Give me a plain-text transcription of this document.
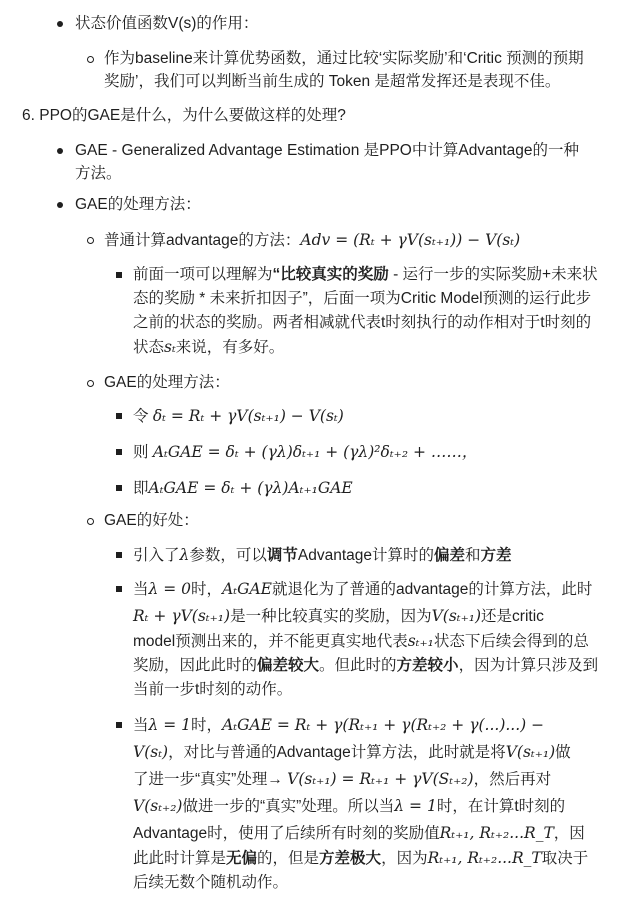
状态价值函数V(s)的作用：
作为baseline来计算优势函数，通过比较‘实际奖励’和‘Critic 预测的预期
奖励’，我们可以判断当前生成的 Token 是超常发挥还是表现不佳。
6. PPO的GAE是什么，为什么要做这样的处理?
GAE - Generalized Advantage Estimation 是PPO中计算Advantage的一种
方法。
GAE的处理方法：
普通计算advantage的方法：Adv = (Rₜ + γV(sₜ₊₁)) − V(sₜ)
前面一项可以理解为“比较真实的奖励 - 运行一步的实际奖励+未来状
态的奖励 * 未来折扣因子”，后面一项为Critic Model预测的运行此步
之前的状态的奖励。两者相减就代表t时刻执行的动作相对于t时刻的
状态sₜ来说，有多好。
GAE的处理方法：
令 δₜ = Rₜ + γV(sₜ₊₁) − V(sₜ)
则 AₜGAE = δₜ + (γλ)δₜ₊₁ + (γλ)²δₜ₊₂ + ……，
即AₜGAE = δₜ + (γλ)Aₜ₊₁GAE
GAE的好处：
引入了λ参数，可以调节Advantage计算时的偏差和方差
当λ = 0时，AₜGAE就退化为了普通的advantage的计算方法，此时
Rₜ + γV(sₜ₊₁)是一种比较真实的奖励，因为V(sₜ₊₁)还是critic
model预测出来的，并不能更真实地代表sₜ₊₁状态下后续会得到的总
奖励，因此此时的偏差较大。但此时的方差较小，因为计算只涉及到
当前一步t时刻的动作。
当λ = 1时，AₜGAE = Rₜ + γ(Rₜ₊₁ + γ(Rₜ₊₂ + γ(...)...) −
V(sₜ)，对比与普通的Advantage计算方法，此时就是将V(sₜ₊₁)做
了进一步“真实”处理→ V(sₜ₊₁) = Rₜ₊₁ + γV(Sₜ₊₂)，然后再对
V(sₜ₊₂)做进一步的“真实”处理。所以当λ = 1时，在计算t时刻的
Advantage时，使用了后续所有时刻的奖励值Rₜ₊₁, Rₜ₊₂...R_T，因
此此时计算是无偏的，但是方差极大，因为Rₜ₊₁, Rₜ₊₂...R_T取决于
后续无数个随机动作。
